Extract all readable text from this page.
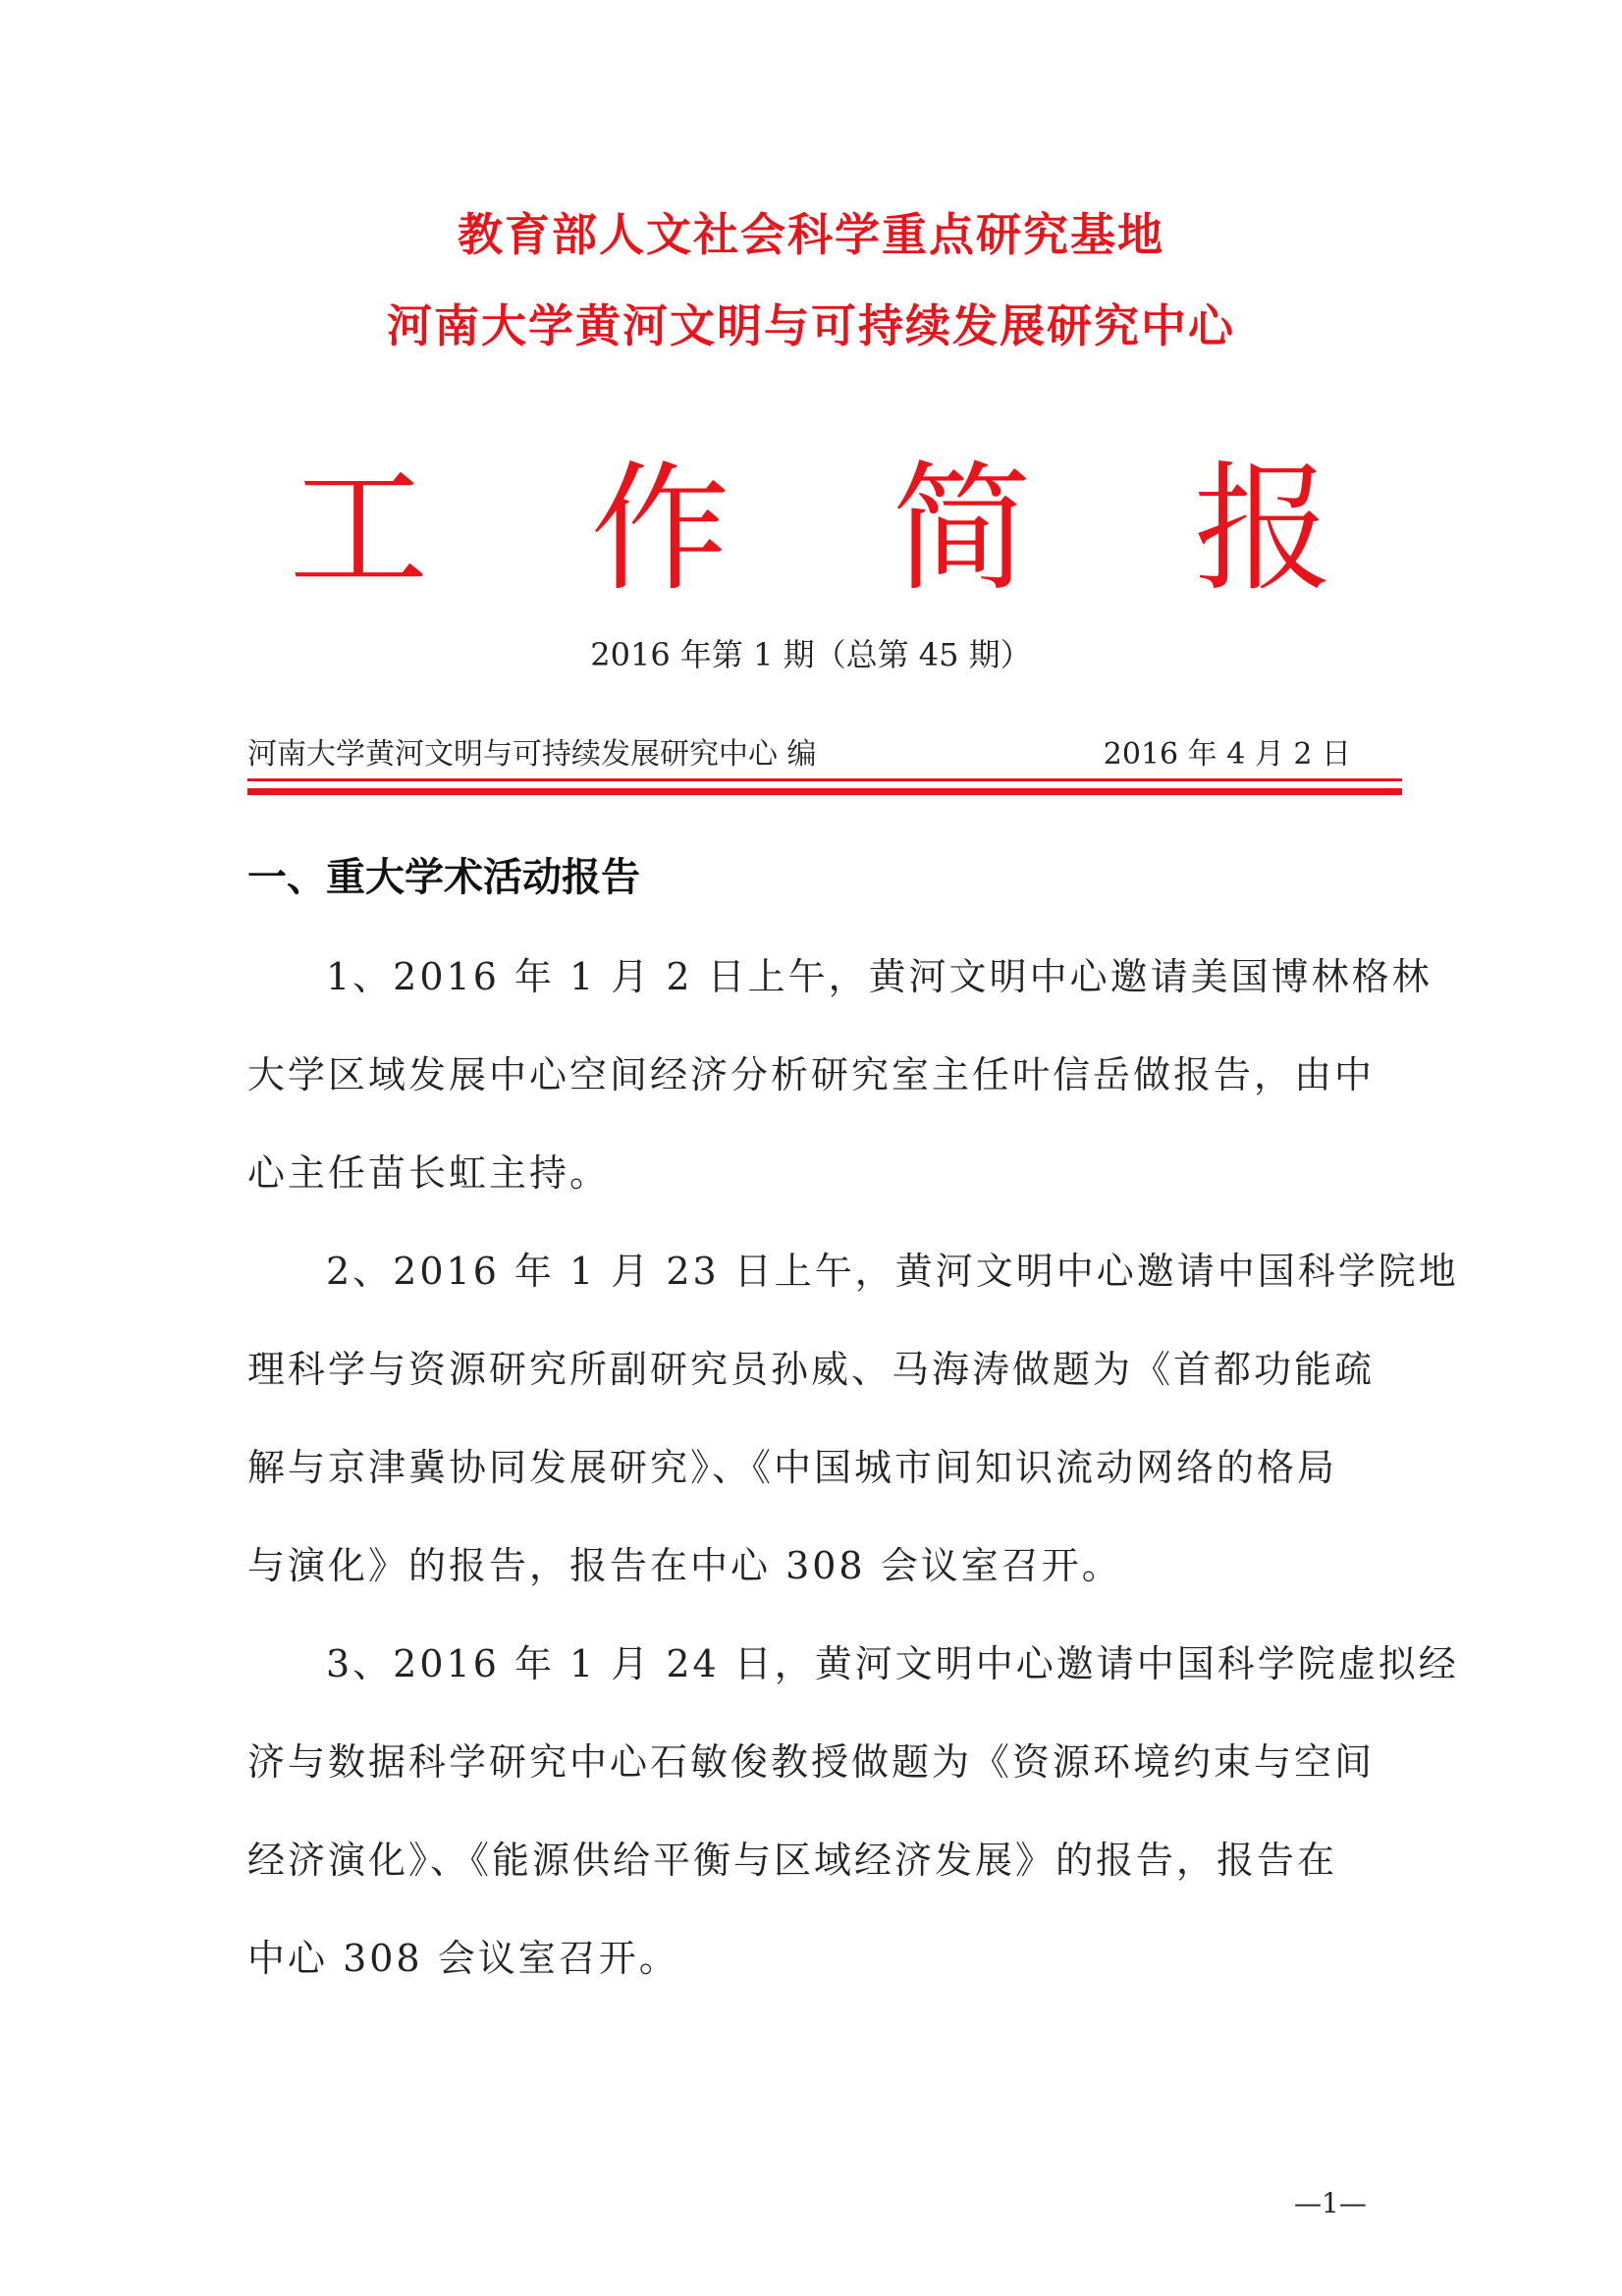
教育部人文社会科学重点研究基地
河南大学黄河文明与可持续发展研究中心
工 作 简 报
2016 年第 1 期（总第 45 期）
河南大学黄河文明与可持续发展研究中心 编	2016 年 4 月 2 日
一、重大学术活动报告
1、2016 年 1 月 2 日上午，黄河文明中心邀请美国博林格林
大学区域发展中心空间经济分析研究室主任叶信岳做报告，由中
心主任苗长虹主持。
2、2016 年 1 月 23 日上午，黄河文明中心邀请中国科学院地
理科学与资源研究所副研究员孙威、马海涛做题为《首都功能疏
解与京津冀协同发展研究》、《中国城市间知识流动网络的格局
与演化》的报告，报告在中心 308 会议室召开。
3、2016 年 1 月 24 日，黄河文明中心邀请中国科学院虚拟经
济与数据科学研究中心石敏俊教授做题为《资源环境约束与空间
经济演化》、《能源供给平衡与区域经济发展》的报告，报告在
中心 308 会议室召开。
—1—
